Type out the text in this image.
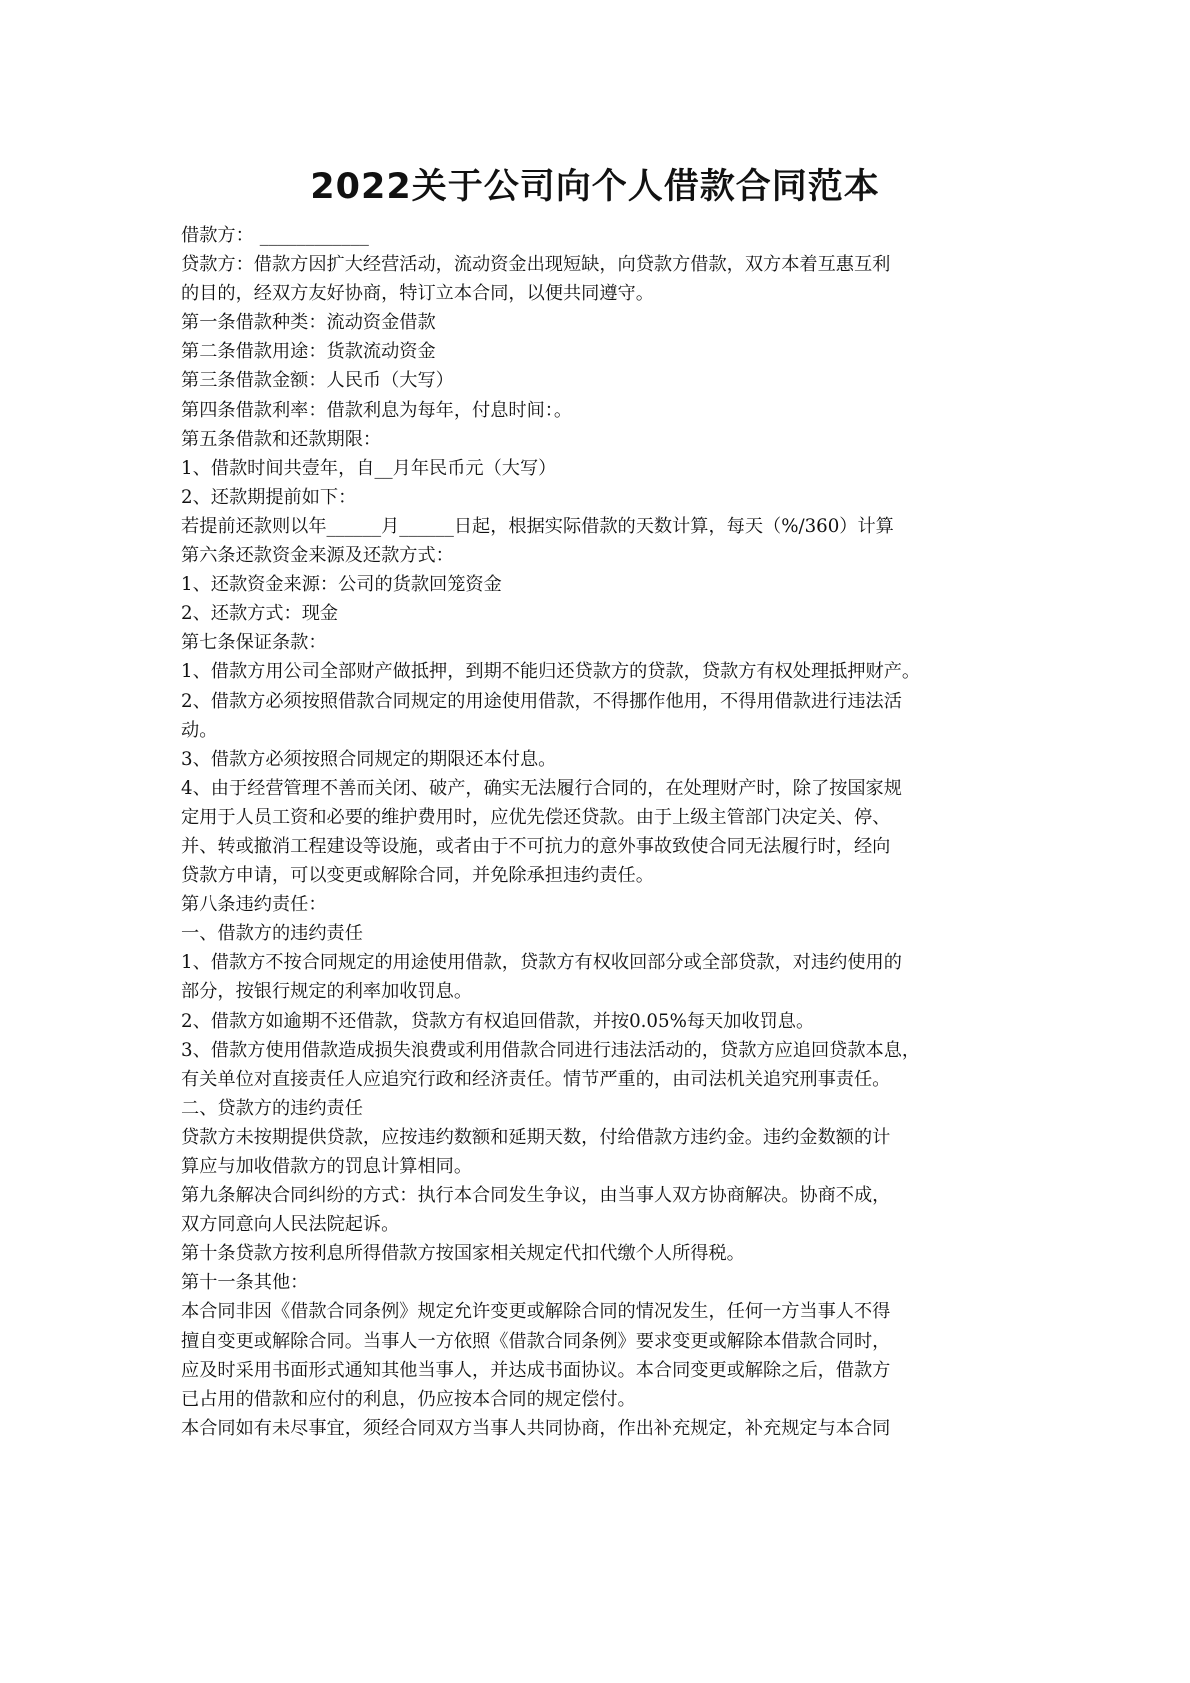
2022关于公司向个人借款合同范本
借款方： ____________
贷款方：借款方因扩大经营活动，流动资金出现短缺，向贷款方借款，双方本着互惠互利
的目的，经双方友好协商，特订立本合同，以便共同遵守。
第一条借款种类：流动资金借款
第二条借款用途：货款流动资金
第三条借款金额：人民币（大写）
第四条借款利率：借款利息为每年，付息时间：。
第五条借款和还款期限：
1、借款时间共壹年，自__月年民币元（大写）
2、还款期提前如下：
若提前还款则以年______月______日起，根据实际借款的天数计算，每天（%/360）计算
第六条还款资金来源及还款方式：
1、还款资金来源：公司的货款回笼资金
2、还款方式：现金
第七条保证条款：
1、借款方用公司全部财产做抵押，到期不能归还贷款方的贷款，贷款方有权处理抵押财产。
2、借款方必须按照借款合同规定的用途使用借款，不得挪作他用，不得用借款进行违法活
动。
3、借款方必须按照合同规定的期限还本付息。
4、由于经营管理不善而关闭、破产，确实无法履行合同的，在处理财产时，除了按国家规
定用于人员工资和必要的维护费用时，应优先偿还贷款。由于上级主管部门决定关、停、
并、转或撤消工程建设等设施，或者由于不可抗力的意外事故致使合同无法履行时，经向
贷款方申请，可以变更或解除合同，并免除承担违约责任。
第八条违约责任：
一、借款方的违约责任
1、借款方不按合同规定的用途使用借款，贷款方有权收回部分或全部贷款，对违约使用的
部分，按银行规定的利率加收罚息。
2、借款方如逾期不还借款，贷款方有权追回借款，并按0.05%每天加收罚息。
3、借款方使用借款造成损失浪费或利用借款合同进行违法活动的，贷款方应追回贷款本息，
有关单位对直接责任人应追究行政和经济责任。情节严重的，由司法机关追究刑事责任。
二、贷款方的违约责任
贷款方未按期提供贷款，应按违约数额和延期天数，付给借款方违约金。违约金数额的计
算应与加收借款方的罚息计算相同。
第九条解决合同纠纷的方式：执行本合同发生争议，由当事人双方协商解决。协商不成，
双方同意向人民法院起诉。
第十条贷款方按利息所得借款方按国家相关规定代扣代缴个人所得税。
第十一条其他：
本合同非因《借款合同条例》规定允许变更或解除合同的情况发生，任何一方当事人不得
擅自变更或解除合同。当事人一方依照《借款合同条例》要求变更或解除本借款合同时，
应及时采用书面形式通知其他当事人，并达成书面协议。本合同变更或解除之后，借款方
已占用的借款和应付的利息，仍应按本合同的规定偿付。
本合同如有未尽事宜，须经合同双方当事人共同协商，作出补充规定，补充规定与本合同
